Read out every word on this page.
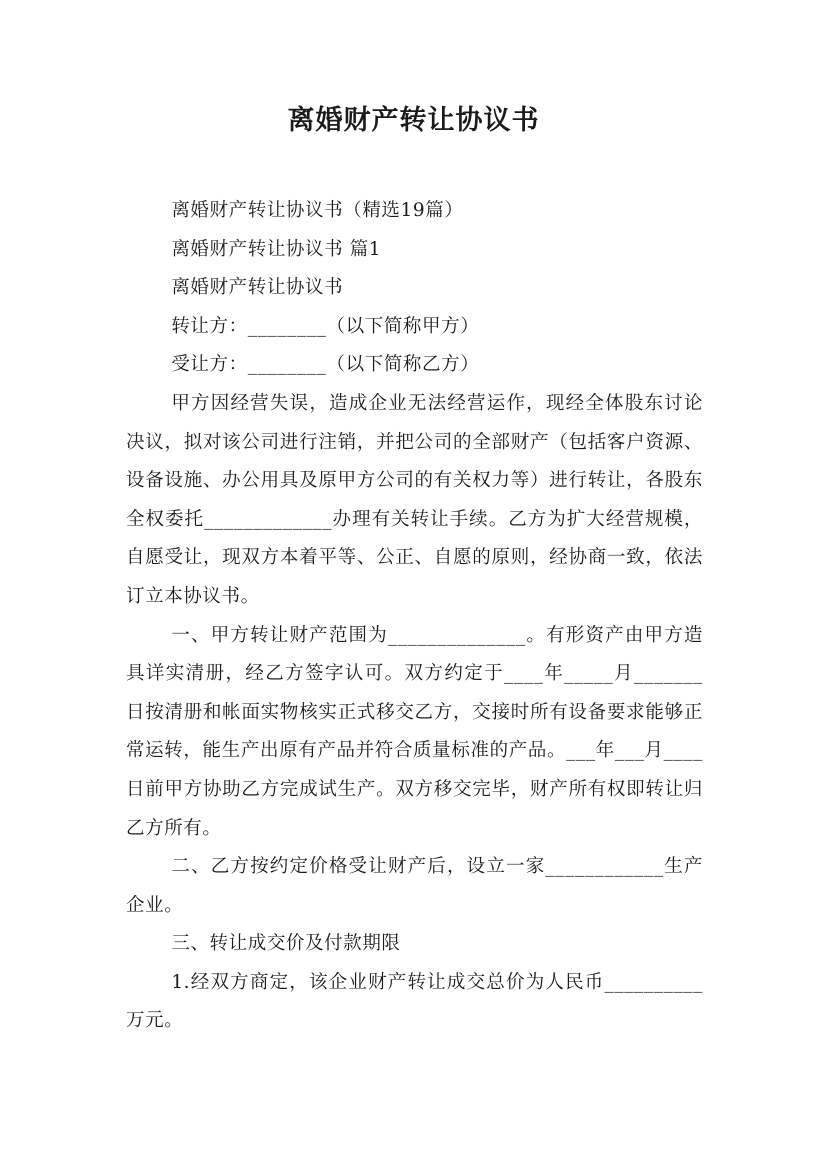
离婚财产转让协议书

离婚财产转让协议书（精选19篇）

离婚财产转让协议书 篇1

离婚财产转让协议书

转让方：________（以下简称甲方）

受让方：________（以下简称乙方）

甲方因经营失误，造成企业无法经营运作，现经全体股东讨论决议，拟对该公司进行注销，并把公司的全部财产（包括客户资源、设备设施、办公用具及原甲方公司的有关权力等）进行转让，各股东全权委托_____________办理有关转让手续。乙方为扩大经营规模，自愿受让，现双方本着平等、公正、自愿的原则，经协商一致，依法订立本协议书。

一、甲方转让财产范围为______________。有形资产由甲方造具详实清册，经乙方签字认可。双方约定于____年_____月_______日按清册和帐面实物核实正式移交乙方，交接时所有设备要求能够正常运转，能生产出原有产品并符合质量标准的产品。___年___月____日前甲方协助乙方完成试生产。双方移交完毕，财产所有权即转让归乙方所有。

二、乙方按约定价格受让财产后，设立一家____________生产企业。

三、转让成交价及付款期限

1.经双方商定，该企业财产转让成交总价为人民币__________万元。
